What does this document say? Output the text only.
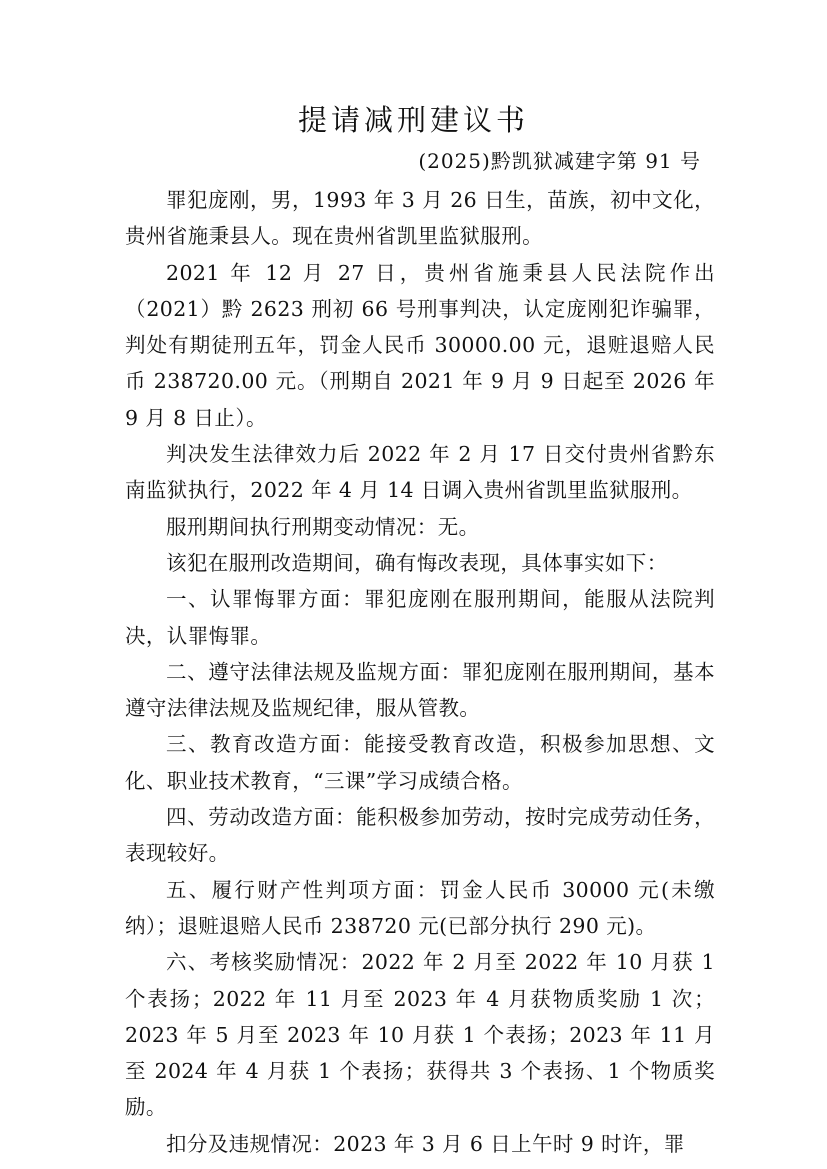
提请减刑建议书
(2025)黔凯狱减建字第 91 号

罪犯庞刚，男，1993 年 3 月 26 日生，苗族，初中文化，贵州省施秉县人。现在贵州省凯里监狱服刑。

2021 年 12 月 27 日，贵州省施秉县人民法院作出（2021）黔 2623 刑初 66 号刑事判决，认定庞刚犯诈骗罪，判处有期徒刑五年，罚金人民币 30000.00 元，退赃退赔人民币 238720.00 元。（刑期自 2021 年 9 月 9 日起至 2026 年 9 月 8 日止）。

判决发生法律效力后 2022 年 2 月 17 日交付贵州省黔东南监狱执行，2022 年 4 月 14 日调入贵州省凯里监狱服刑。

服刑期间执行刑期变动情况：无。

该犯在服刑改造期间，确有悔改表现，具体事实如下：

一、认罪悔罪方面：罪犯庞刚在服刑期间，能服从法院判决，认罪悔罪。

二、遵守法律法规及监规方面：罪犯庞刚在服刑期间，基本遵守法律法规及监规纪律，服从管教。

三、教育改造方面：能接受教育改造，积极参加思想、文化、职业技术教育，“三课”学习成绩合格。

四、劳动改造方面：能积极参加劳动，按时完成劳动任务，表现较好。

五、履行财产性判项方面：罚金人民币 30000 元(未缴纳）；退赃退赔人民币 238720 元(已部分执行 290 元)。

六、考核奖励情况：2022 年 2 月至 2022 年 10 月获 1 个表扬；2022 年 11 月至 2023 年 4 月获物质奖励 1 次；2023 年 5 月至 2023 年 10 月获 1 个表扬；2023 年 11 月至 2024 年 4 月获 1 个表扬；获得共 3 个表扬、1 个物质奖励。

扣分及违规情况：2023 年 3 月 6 日上午时 9 时许，罪
